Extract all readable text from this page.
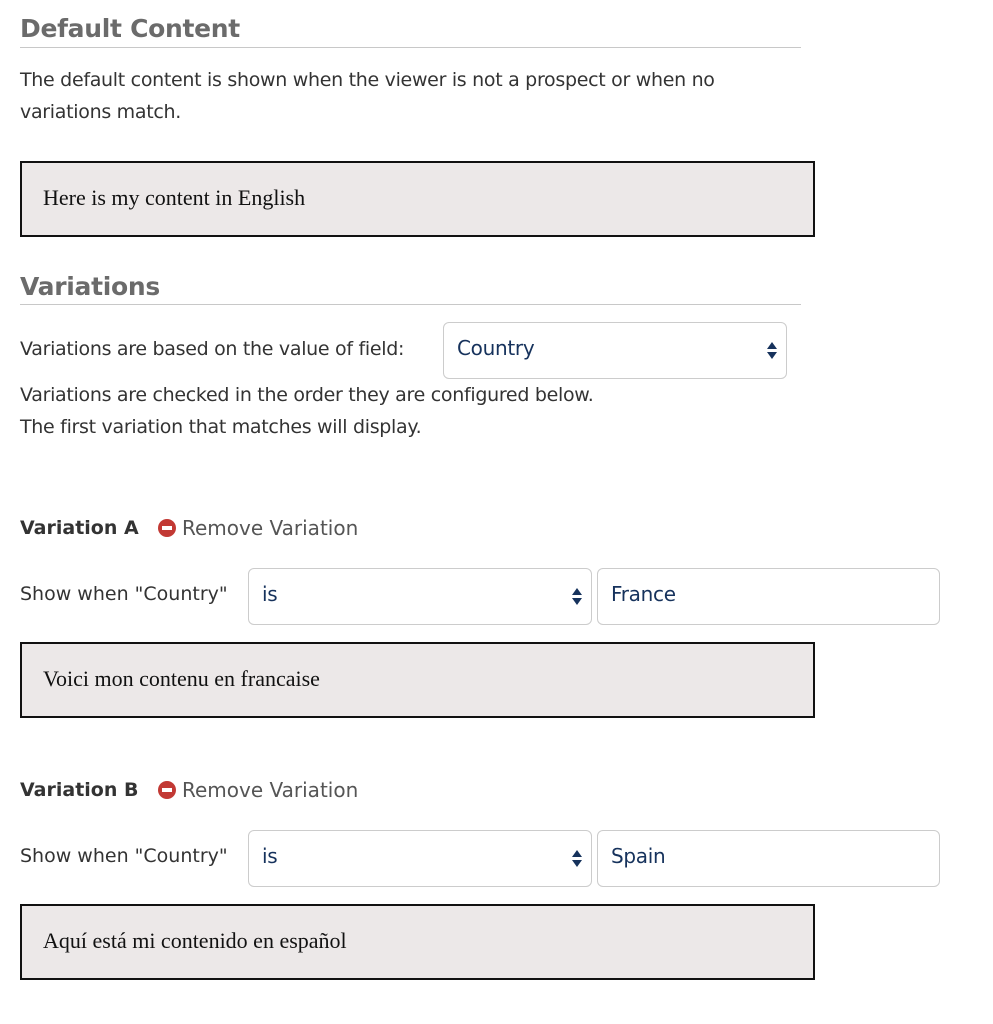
Default Content
The default content is shown when the viewer is not a prospect or when no
variations match.
Here is my content in English
Variations
Variations are based on the value of field:	Country
Variations are checked in the order they are configured below.
The first variation that matches will display.
Variation A	Remove Variation
Show when "Country" is	France
Voici mon contenu en francaise
Variation B	Remove Variation
Show when "Country" is	Spain
Aquí está mi contenido en español
